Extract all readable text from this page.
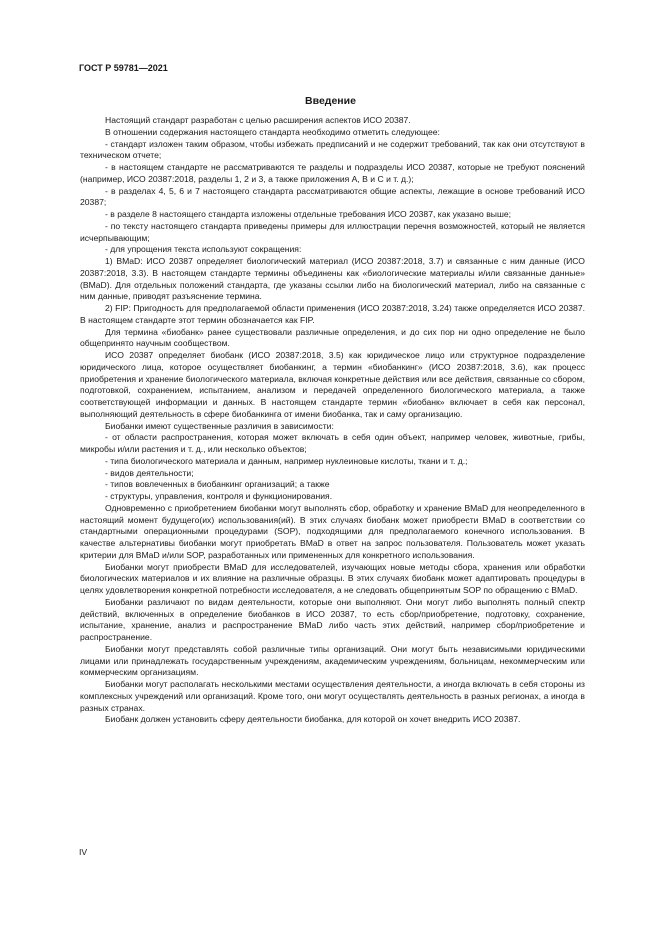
ГОСТ Р 59781—2021
Введение

Настоящий стандарт разработан с целью расширения аспектов ИСО 20387.

В отношении содержания настоящего стандарта необходимо отметить следующее:

- стандарт изложен таким образом, чтобы избежать предписаний и не содержит требований, так как они отсутствуют в техническом отчете;

- в настоящем стандарте не рассматриваются те разделы и подразделы ИСО 20387, которые не требуют пояснений (например, ИСО 20387:2018, разделы 1, 2 и 3, а также приложения А, В и С и т. д.);

- в разделах 4, 5, 6 и 7 настоящего стандарта рассматриваются общие аспекты, лежащие в основе требований ИСО 20387;

- в разделе 8 настоящего стандарта изложены отдельные требования ИСО 20387, как указано выше;

- по тексту настоящего стандарта приведены примеры для иллюстрации перечня возможностей, который не является исчерпывающим;

- для упрощения текста используют сокращения:

1) BMaD: ИСО 20387 определяет биологический материал (ИСО 20387:2018, 3.7) и связанные с ним данные (ИСО 20387:2018, 3.3). В настоящем стандарте термины объединены как «биологические материалы и/или связанные данные» (BMaD). Для отдельных положений стандарта, где указаны ссылки либо на биологический материал, либо на связанные с ним данные, приводят разъяснение термина.

2) FIP: Пригодность для предполагаемой области применения (ИСО 20387:2018, 3.24) также определяется ИСО 20387. В настоящем стандарте этот термин обозначается как FIP.

Для термина «биобанк» ранее существовали различные определения, и до сих пор ни одно определение не было общепринято научным сообществом.

ИСО 20387 определяет биобанк (ИСО 20387:2018, 3.5) как юридическое лицо или структурное подразделение юридического лица, которое осуществляет биобанкинг, а термин «биобанкинг» (ИСО 20387:2018, 3.6), как процесс приобретения и хранение биологического материала, включая конкретные действия или все действия, связанные со сбором, подготовкой, сохранением, испытанием, анализом и передачей определенного биологического материала, а также соответствующей информации и данных. В настоящем стандарте термин «биобанк» включает в себя как персонал, выполняющий деятельность в сфере биобанкинга от имени биобанка, так и саму организацию.

Биобанки имеют существенные различия в зависимости:

- от области распространения, которая может включать в себя один объект, например человек, животные, грибы, микробы и/или растения и т. д., или несколько объектов;

- типа биологического материала и данным, например нуклеиновые кислоты, ткани и т. д.;

- видов деятельности;

- типов вовлеченных в биобанкинг организаций; а также

- структуры, управления, контроля и функционирования.

Одновременно с приобретением биобанки могут выполнять сбор, обработку и хранение BMaD для неопределенного в настоящий момент будущего(их) использования(ий). В этих случаях биобанк может приобрести BMaD в соответствии со стандартными операционными процедурами (SOP), подходящими для предполагаемого конечного использования. В качестве альтернативы биобанки могут приобретать BMaD в ответ на запрос пользователя. Пользователь может указать критерии для BMaD и/или SOP, разработанных или примененных для конкретного использования.

Биобанки могут приобрести BMaD для исследователей, изучающих новые методы сбора, хранения или обработки биологических материалов и их влияние на различные образцы. В этих случаях биобанк может адаптировать процедуры в целях удовлетворения конкретной потребности исследователя, а не следовать общепринятым SOP по обращению с BMaD.

Биобанки различают по видам деятельности, которые они выполняют. Они могут либо выполнять полный спектр действий, включенных в определение биобанков в ИСО 20387, то есть сбор/приобретение, подготовку, сохранение, испытание, хранение, анализ и распространение BMaD либо часть этих действий, например сбор/приобретение и распространение.

Биобанки могут представлять собой различные типы организаций. Они могут быть независимыми юридическими лицами или принадлежать государственным учреждениям, академическим учреждениям, больницам, некоммерческим или коммерческим организациям.

Биобанки могут располагать несколькими местами осуществления деятельности, а иногда включать в себя стороны из комплексных учреждений или организаций. Кроме того, они могут осуществлять деятельность в разных регионах, а иногда в разных странах.

Биобанк должен установить сферу деятельности биобанка, для которой он хочет внедрить ИСО 20387.

IV
